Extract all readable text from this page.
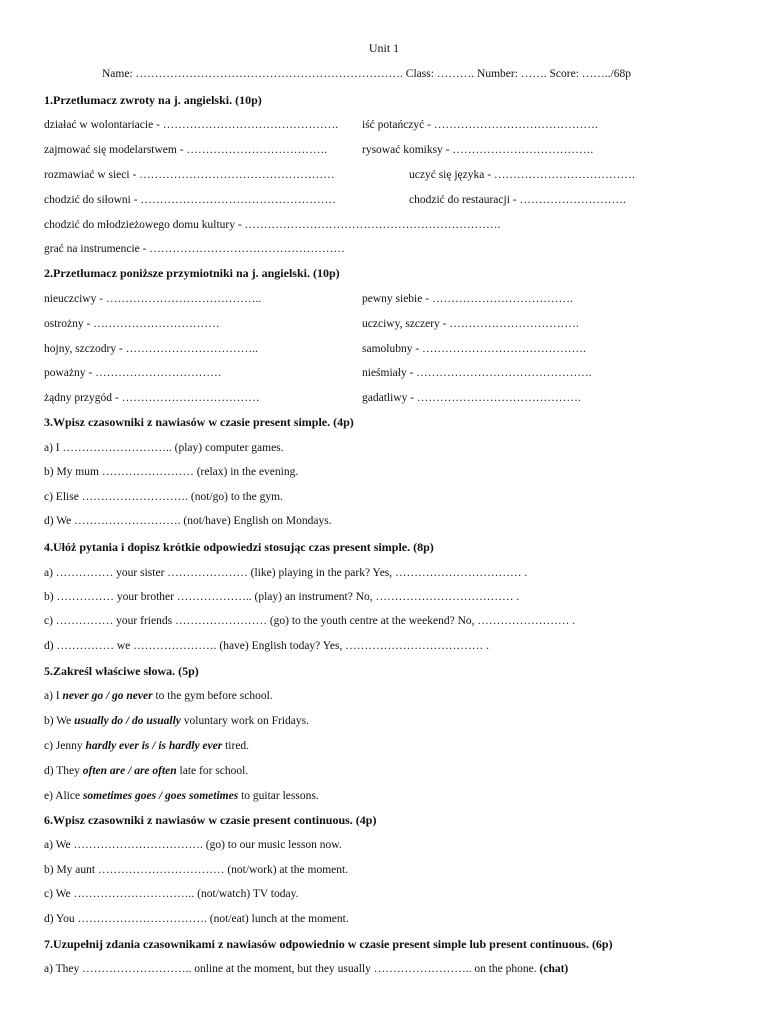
Unit 1
Name: ……………………………………………………………. Class: ………. Number: ……. Score: ……../68p
1.Przetłumacz zwroty na j. angielski. (10p)
działać w wolontariacie - ………………………………………. iść potańczyć - …………………………………….
zajmować się modelarstwem - ……………………………….	rysować komiksy - ……………………………….
rozmawiać w sieci - ……………………………………………	uczyć się języka - ……………………………….
chodzić do siłowni - ……………………………………………	chodzić do restauracji - ……………………….
chodzić do młodzieżowego domu kultury - ………………………………………………………….
grać na instrumencie - ……………………………………………
2.Przetłumacz poniższe przymiotniki na j. angielski. (10p)
nieuczciwy - …………………………………..	pewny siebie - ……………………………….
ostrożny - ……………………………	uczciwy, szczery - …………………………….
hojny, szczodry - ……………………………..	samolubny - …………………………………….
poważny - ……………………………	nieśmiały - ……………………………………….
żądny przygód - ………………………………	gadatliwy - …………………………………….
3.Wpisz czasowniki z nawiasów w czasie present simple. (4p)
a) I ……………………….. (play) computer games.
b) My mum …………………… (relax) in the evening.
c) Elise ………………………. (not/go) to the gym.
d) We ………………………. (not/have) English on Mondays.
4.Ułóż pytania i dopisz krótkie odpowiedzi stosując czas present simple. (8p)
a) …………… your sister ………………… (like) playing in the park? Yes, …………………………… .
b) …………… your brother ……………….. (play) an instrument? No, ……………………………… .
c) …………… your friends …………………… (go) to the youth centre at the weekend? No, …………………… .
d) …………… we …………………. (have) English today? Yes, ……………………………… .
5.Zakreśl właściwe słowa. (5p)
a) I never go / go never to the gym before school.
b) We usually do / do usually voluntary work on Fridays.
c) Jenny hardly ever is / is hardly ever tired.
d) They often are / are often late for school.
e) Alice sometimes goes / goes sometimes to guitar lessons.
6.Wpisz czasowniki z nawiasów w czasie present continuous. (4p)
a) We ……………………………. (go) to our music lesson now.
b) My aunt …………………………… (not/work) at the moment.
c) We ………………………….. (not/watch) TV today.
d) You ……………………………. (not/eat) lunch at the moment.
7.Uzupełnij zdania czasownikami z nawiasów odpowiednio w czasie present simple lub present continuous. (6p)
a) They ……………………….. online at the moment, but they usually …………………….. on the phone. (chat)
